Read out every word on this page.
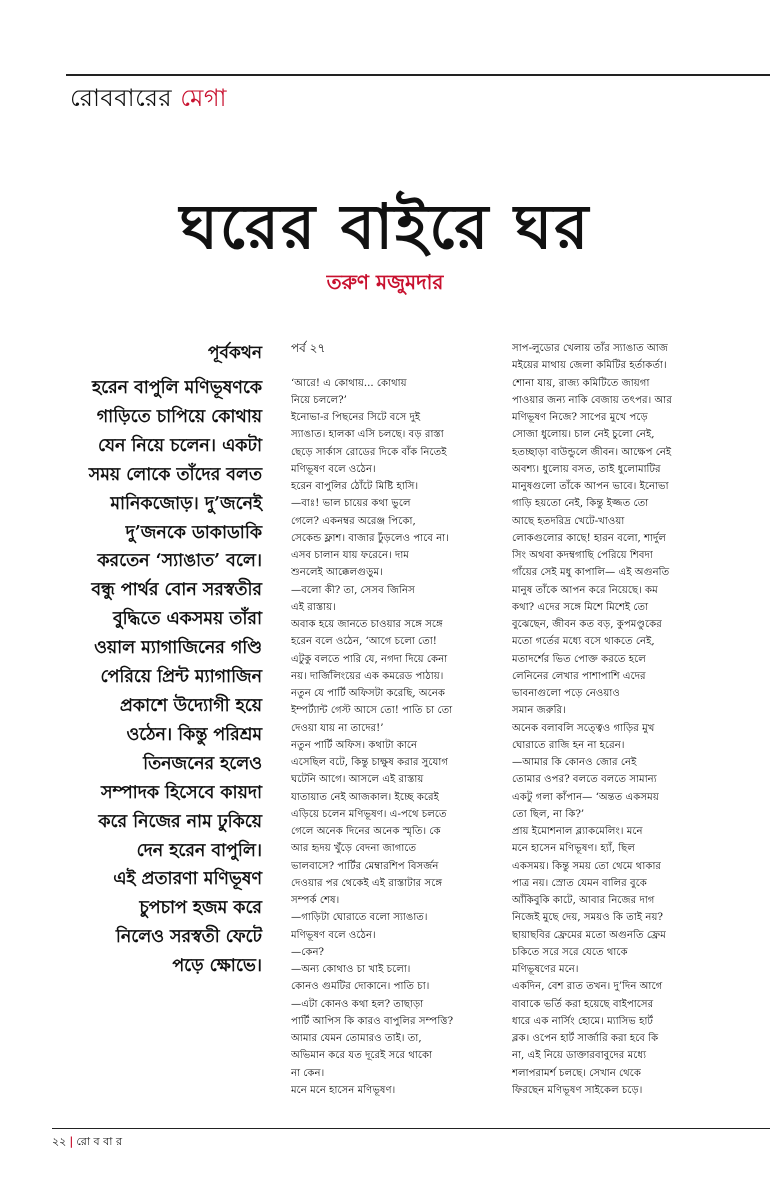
রোববারের মেগা
ঘরের বাইরে ঘর
তরুণ মজুমদার
পূর্বকথন
হরেন বাপুলি মণিভূষণকে
গাড়িতে চাপিয়ে কোথায়
যেন নিয়ে চলেন। একটা
সময় লোকে তাঁদের বলত
মানিকজোড়। দু’জনেই
দু’জনকে ডাকাডাকি
করতেন ‘স্যাঙাত’ বলে।
বন্ধু পার্থর বোন সরস্বতীর
বুদ্ধিতে একসময় তাঁরা
ওয়াল ম্যাগাজিনের গণ্ডি
পেরিয়ে প্রিন্ট ম্যাগাজিন
প্রকাশে উদ্যোগী হয়ে
ওঠেন। কিন্তু পরিশ্রম
তিনজনের হলেও
সম্পাদক হিসেবে কায়দা
করে নিজের নাম ঢুকিয়ে
দেন হরেন বাপুলি।
এই প্রতারণা মণিভূষণ
চুপচাপ হজম করে
নিলেও সরস্বতী ফেটে
পড়ে ক্ষোভে।
পর্ব ২৭

‘আরে! এ কোথায়... কোথায়
নিয়ে চললে?’
ইনোভা-র পিছনের সিটে বসে দুই
স্যাঙাত। হালকা এসি চলছে। বড় রাস্তা
ছেড়ে সার্কাস রোডের দিকে বাঁক নিতেই
মণিভূষণ বলে ওঠেন।
হরেন বাপুলির ঠোঁটে মিষ্টি হাসি।
—বাঃ! ভাল চায়ের কথা ভুলে
গেলে? একনম্বর অরেঞ্জ পিকো,
সেকেন্ড ফ্লাশ। বাজার ঢুঁড়লেও পাবে না।
এসব চালান যায় ফরেনে। দাম
শুনলেই আক্কেলগুড়ুম।
—বলো কী? তা, সেসব জিনিস
এই রাস্তায়।
অবাক হয়ে জানতে চাওয়ার সঙ্গে সঙ্গে
হরেন বলে ওঠেন, ‘আগে চলো তো!
এটুকু বলতে পারি যে, নগদা দিয়ে কেনা
নয়। দার্জিলিংয়ের এক কমরেড পাঠায়।
নতুন যে পার্টি অফিসটা করেছি, অনেক
ইম্পর্ট্যান্ট গেস্ট আসে তো! পাতি চা তো
দেওয়া যায় না তাদের!’
নতুন পার্টি অফিস। কথাটা কানে
এসেছিল বটে, কিন্তু চাক্ষুষ করার সুযোগ
ঘটেনি আগে। আসলে এই রাস্তায়
যাতায়াত নেই আজকাল। ইচ্ছে করেই
এড়িয়ে চলেন মণিভূষণ। এ-পথে চলতে
গেলে অনেক দিনের অনেক স্মৃতি। কে
আর হৃদয় খুঁড়ে বেদনা জাগাতে
ভালবাসে? পার্টির মেম্বারশিপ বিসর্জন
দেওয়ার পর থেকেই এই রাস্তাটার সঙ্গে
সম্পর্ক শেষ।
—গাড়িটা ঘোরাতে বলো স্যাঙাত।
মণিভূষণ বলে ওঠেন।
—কেন?
—অন্য কোথাও চা খাই চলো।
কোনও গুমটির দোকানে। পাতি চা।
—এটা কোনও কথা হল? তাছাড়া
পার্টি আপিস কি কারও বাপুলির সম্পত্তি?
আমার যেমন তোমারও তাই। তা,
অভিমান করে যত দূরেই সরে থাকো
না কেন।
মনে মনে হাসেন মণিভূষণ।
সাপ-লুডোর খেলায় তাঁর স্যাঙাত আজ
মইয়ের মাথায় জেলা কমিটির হর্তাকর্তা।
শোনা যায়, রাজ্য কমিটিতে জায়গা
পাওয়ার জন্য নাকি বেজায় তৎপর। আর
মণিভূষণ নিজে? সাপের মুখে পড়ে
সোজা ধুলোয়। চাল নেই চুলো নেই,
হতচ্ছাড়া বাউন্ডুলে জীবন। আক্ষেপ নেই
অবশ্য। ধুলোয় বসত, তাই ধুলোমাটির
মানুষগুলো তাঁকে আপন ভাবে। ইনোভা
গাড়ি হয়তো নেই, কিন্তু ইজ্জত তো
আছে হতদরিদ্র খেটে-খাওয়া
লোকগুলোর কাছে! হারন বলো, শার্দুল
সিং অথবা কদম্বগাছি পেরিয়ে শিবদা
গাঁয়ের সেই মধু কাপালি— এই অগুনতি
মানুষ তাঁকে আপন করে নিয়েছে। কম
কথা? এদের সঙ্গে মিশে মিশেই তো
বুঝেছেন, জীবন কত বড়, কুপমণ্ডুকের
মতো গর্তের মধ্যে বসে থাকতে নেই,
মতাদর্শের ভিত পোক্ত করতে হলে
লেনিনের লেখার পাশাপাশি এদের
ভাবনাগুলো পড়ে নেওয়াও
সমান জরুরি।
অনেক বলাবলি সত্ত্বেও গাড়ির মুখ
ঘোরাতে রাজি হন না হরেন।
—আমার কি কোনও জোর নেই
তোমার ওপর? বলতে বলতে সামান্য
একটু গলা কাঁপান— ‘অন্তত একসময়
তো ছিল, না কি?’
প্রায় ইমোশনাল ব্ল্যাকমেলিং। মনে
মনে হাসেন মণিভূষণ। হ্যাঁ, ছিল
একসময়। কিন্তু সময় তো থেমে থাকার
পাত্র নয়। স্রোত যেমন বালির বুকে
আঁকিবুকি কাটে, আবার নিজের দাগ
নিজেই মুছে দেয়, সময়ও কি তাই নয়?
ছায়াছবির ফ্রেমের মতো অগুনতি ফ্রেম
চকিতে সরে সরে যেতে থাকে
মণিভূষণের মনে।
একদিন, বেশ রাত তখন। দু’দিন আগে
বাবাকে ভর্তি করা হয়েছে বাইপাসের
ধারে এক নার্সিং হোমে। ম্যাসিভ হার্ট
ব্লক। ওপেন হার্ট সার্জারি করা হবে কি
না, এই নিয়ে ডাক্তারবাবুদের মধ্যে
শলাপরামর্শ চলছে। সেখান থেকে
ফিরছেন মণিভূষণ সাইকেল চড়ে।
২২ | রো ব বা র
